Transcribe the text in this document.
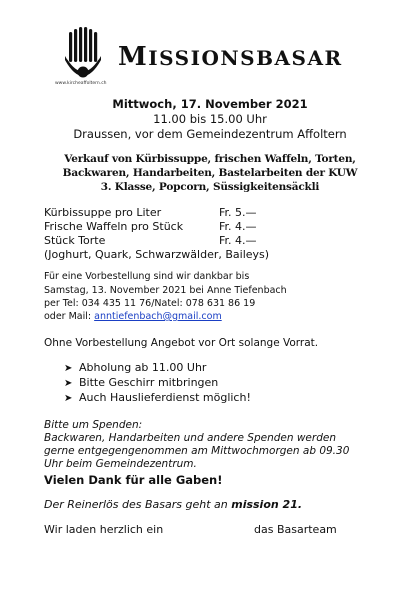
www.kircheaffoltern.ch
MISSIONSBASAR
Mittwoch, 17. November 2021
11.00 bis 15.00 Uhr
Draussen, vor dem Gemeindezentrum Affoltern
Verkauf von Kürbissuppe, frischen Waffeln, Torten,
Backwaren, Handarbeiten, Bastelarbeiten der KUW
3. Klasse, Popcorn, Süssigkeitensäckli
Kürbissuppe pro Liter	Fr. 5.—
Frische Waffeln pro Stück	Fr. 4.—
Stück Torte	Fr. 4.—
(Joghurt, Quark, Schwarzwälder, Baileys)
Für eine Vorbestellung sind wir dankbar bis
Samstag, 13. November 2021 bei Anne Tiefenbach
per Tel: 034 435 11 76/Natel: 078 631 86 19
oder Mail: anntiefenbach@gmail.com
Ohne Vorbestellung Angebot vor Ort solange Vorrat.
➤ Abholung ab 11.00 Uhr
➤ Bitte Geschirr mitbringen
➤ Auch Hauslieferdienst möglich!
Bitte um Spenden:
Backwaren, Handarbeiten und andere Spenden werden
gerne entgegengenommen am Mittwochmorgen ab 09.30
Uhr beim Gemeindezentrum.
Vielen Dank für alle Gaben!
Der Reinerlös des Basars geht an mission 21.
Wir laden herzlich ein	das Basarteam
